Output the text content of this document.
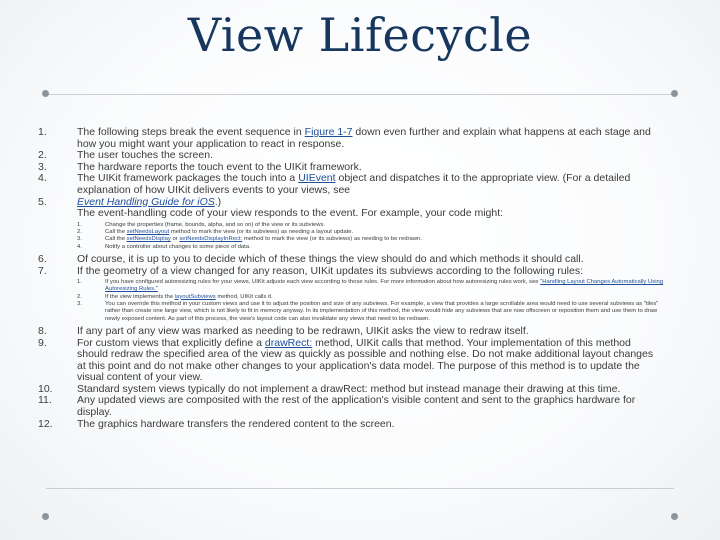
View Lifecycle
1.	The following steps break the event sequence in Figure 1-7 down even further and explain what happens at each stage and how you might want your application to react in response.
2.	The user touches the screen.
3.	The hardware reports the touch event to the UIKit framework.
4.	The UIKit framework packages the touch into a UIEvent object and dispatches it to the appropriate view. (For a detailed explanation of how UIKit delivers events to your views, see
5.	Event Handling Guide for iOS.)
The event-handling code of your view responds to the event. For example, your code might:
1.	Change the properties (frame, bounds, alpha, and so on) of the view or its subviews.
2.	Call the setNeedsLayout method to mark the view (or its subviews) as needing a layout update.
3.	Call the setNeedsDisplay or setNeedsDisplayInRect: method to mark the view (or its subviews) as needing to be redrawn.
4.	Notify a controller about changes to some piece of data.
6.	Of course, it is up to you to decide which of these things the view should do and which methods it should call.
7.	If the geometry of a view changed for any reason, UIKit updates its subviews according to the following rules:
1.	If you have configured autoresizing rules for your views, UIKit adjusts each view according to those rules. For more information about how autoresizing rules work, see "Handling Layout Changes Automatically Using Autoresizing Rules."
2.	If the view implements the layoutSubviews method, UIKit calls it.
3.	You can override this method in your custom views and use it to adjust the position and size of any subviews. For example, a view that provides a large scrollable area would need to use several subviews as "tiles" rather than create one large view, which is not likely to fit in memory anyway. In its implementation of this method, the view would hide any subviews that are now offscreen or reposition them and use them to draw newly exposed content. As part of this process, the view's layout code can also invalidate any views that need to be redrawn.
8.	If any part of any view was marked as needing to be redrawn, UIKit asks the view to redraw itself.
9.	For custom views that explicitly define a drawRect: method, UIKit calls that method. Your implementation of this method should redraw the specified area of the view as quickly as possible and nothing else. Do not make additional layout changes at this point and do not make other changes to your application's data model. The purpose of this method is to update the visual content of your view.
10.	Standard system views typically do not implement a drawRect: method but instead manage their drawing at this time.
11.	Any updated views are composited with the rest of the application's visible content and sent to the graphics hardware for display.
12.	The graphics hardware transfers the rendered content to the screen.
